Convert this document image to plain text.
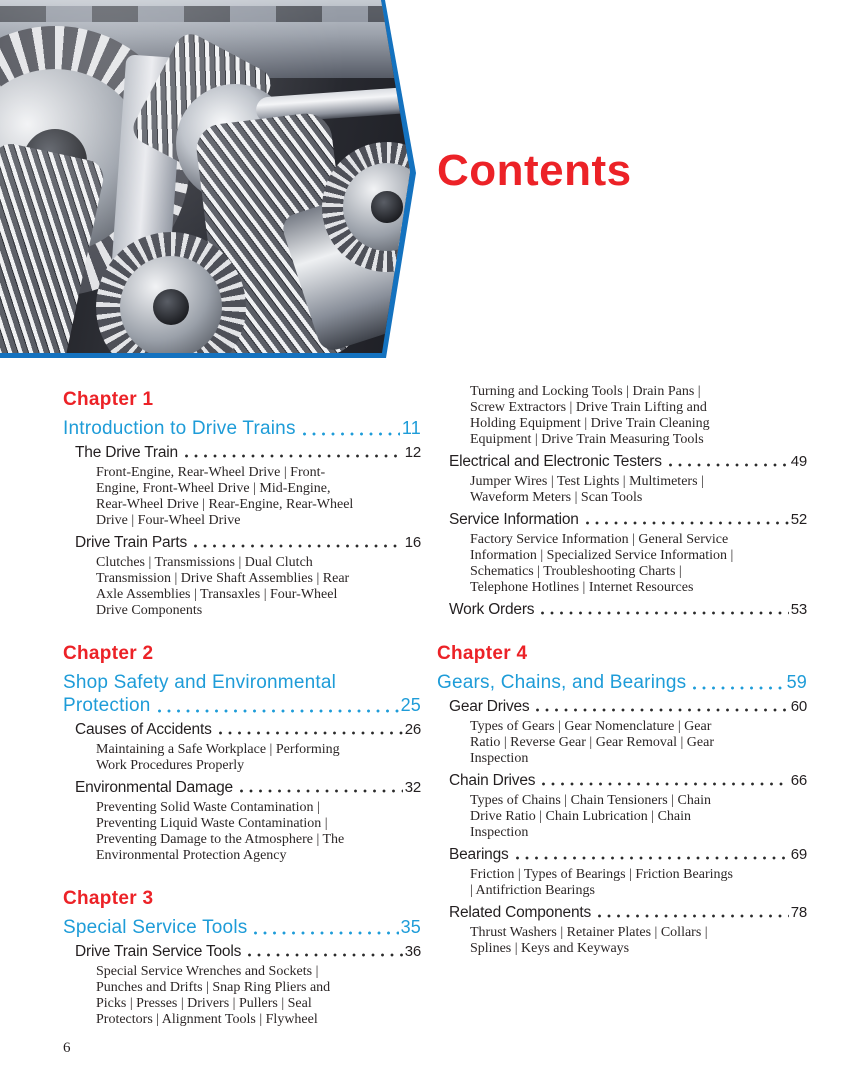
Contents
Chapter 1
Introduction to Drive Trains	11
The Drive Train	12
Front-Engine, Rear-Wheel Drive | Front-Engine, Front-Wheel Drive | Mid-Engine, Rear-Wheel Drive | Rear-Engine, Rear-Wheel Drive | Four-Wheel Drive
Drive Train Parts	16
Clutches | Transmissions | Dual Clutch Transmission | Drive Shaft Assemblies | Rear Axle Assemblies | Transaxles | Four-Wheel Drive Components
Chapter 2
Shop Safety and Environmental
Protection	25
Causes of Accidents	26
Maintaining a Safe Workplace | Performing Work Procedures Properly
Environmental Damage	32
Preventing Solid Waste Contamination | Preventing Liquid Waste Contamination | Preventing Damage to the Atmosphere | The Environmental Protection Agency
Chapter 3
Special Service Tools	35
Drive Train Service Tools	36
Special Service Wrenches and Sockets | Punches and Drifts | Snap Ring Pliers and Picks | Presses | Drivers | Pullers | Seal Protectors | Alignment Tools | Flywheel
Turning and Locking Tools | Drain Pans | Screw Extractors | Drive Train Lifting and Holding Equipment | Drive Train Cleaning Equipment | Drive Train Measuring Tools
Electrical and Electronic Testers	49
Jumper Wires | Test Lights | Multimeters | Waveform Meters | Scan Tools
Service Information	52
Factory Service Information | General Service Information | Specialized Service Information | Schematics | Troubleshooting Charts | Telephone Hotlines | Internet Resources
Work Orders	53
Chapter 4
Gears, Chains, and Bearings	59
Gear Drives	60
Types of Gears | Gear Nomenclature | Gear Ratio | Reverse Gear | Gear Removal | Gear Inspection
Chain Drives	66
Types of Chains | Chain Tensioners | Chain Drive Ratio | Chain Lubrication | Chain Inspection
Bearings	69
Friction | Types of Bearings | Friction Bearings | Antifriction Bearings
Related Components	78
Thrust Washers | Retainer Plates | Collars | Splines | Keys and Keyways
6
